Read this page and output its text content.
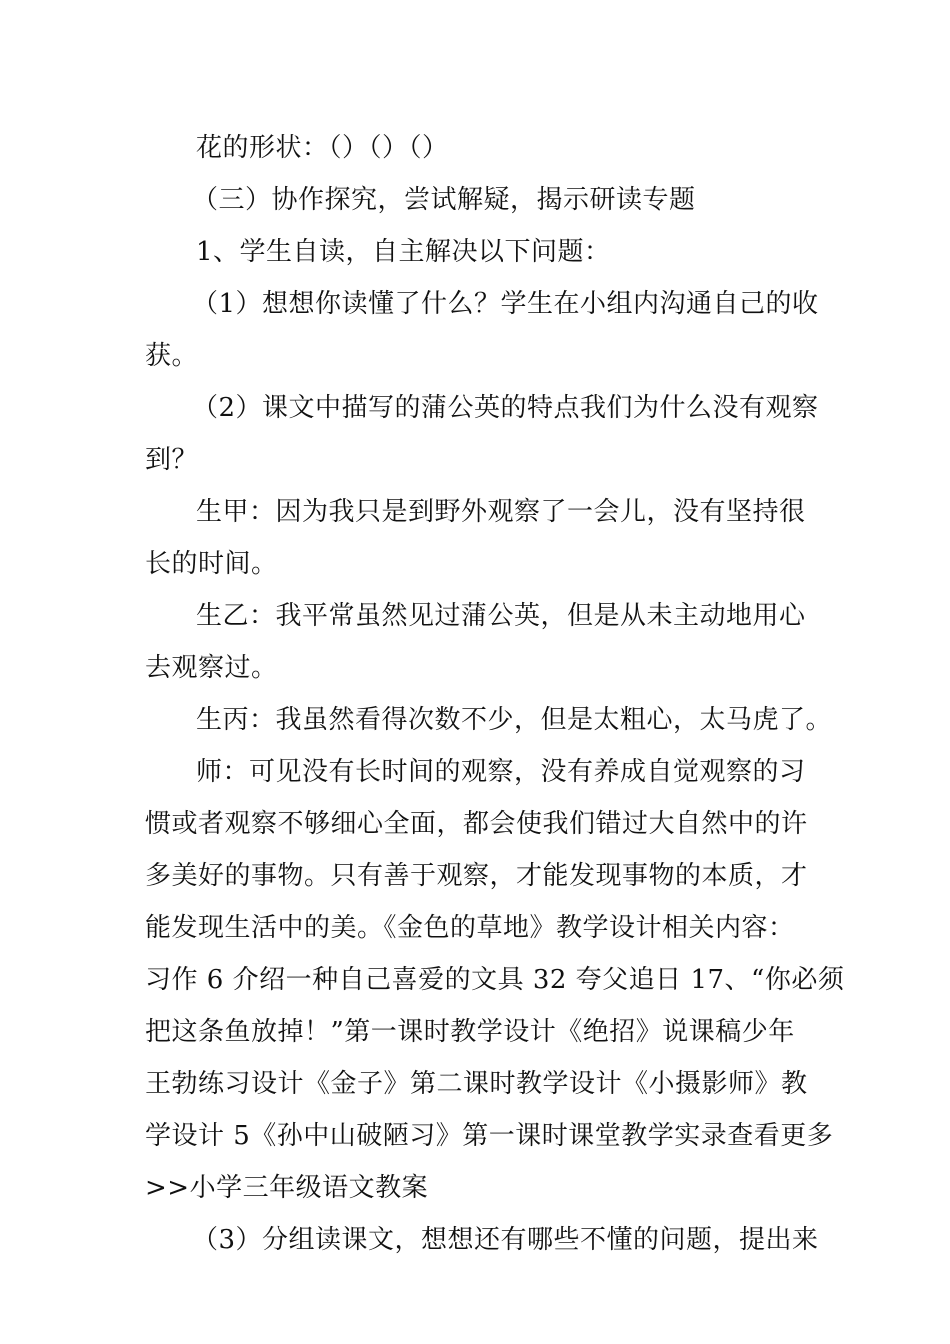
花的形状：（）（）（）
（三）协作探究，尝试解疑，揭示研读专题
1、学生自读，自主解决以下问题：
（1）想想你读懂了什么？学生在小组内沟通自己的收
获。
（2）课文中描写的蒲公英的特点我们为什么没有观察
到？
生甲：因为我只是到野外观察了一会儿，没有坚持很
长的时间。
生乙：我平常虽然见过蒲公英，但是从未主动地用心
去观察过。
生丙：我虽然看得次数不少，但是太粗心，太马虎了。
师：可见没有长时间的观察，没有养成自觉观察的习
惯或者观察不够细心全面，都会使我们错过大自然中的许
多美好的事物。只有善于观察，才能发现事物的本质，才
能发现生活中的美。《金色的草地》教学设计相关内容：
习作 6 介绍一种自己喜爱的文具 32 夸父追日 17、“你必须
把这条鱼放掉！”第一课时教学设计《绝招》说课稿少年
王勃练习设计《金子》第二课时教学设计《小摄影师》教
学设计 5《孙中山破陋习》第一课时课堂教学实录查看更多
>>小学三年级语文教案
（3）分组读课文，想想还有哪些不懂的问题，提出来
